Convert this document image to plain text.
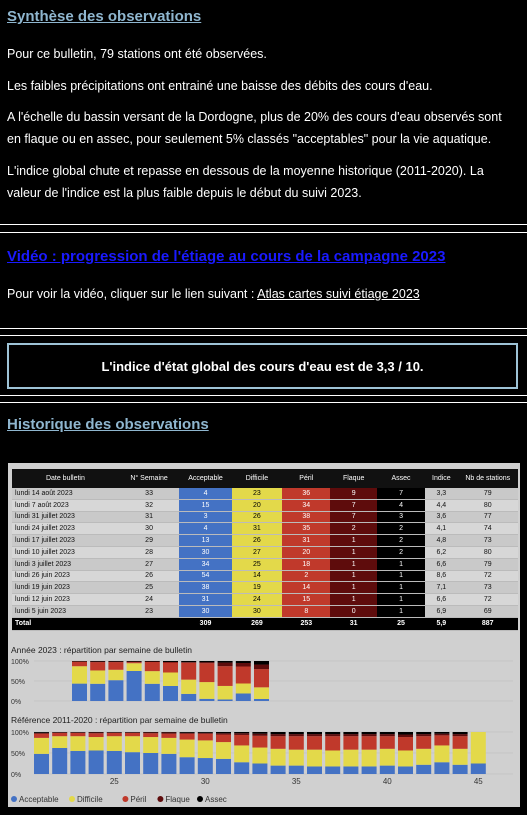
Synthèse des observations
Pour ce bulletin, 79 stations ont été observées.
Les faibles précipitations ont entrainé une baisse des débits des cours d'eau.
A l'échelle du bassin versant de la Dordogne, plus de 20% des cours d'eau observés sont en flaque ou en assec, pour seulement 5% classés "acceptables" pour la vie aquatique.
L'indice global chute et repasse en dessous de la moyenne historique (2011-2020). La valeur de l'indice est la plus faible depuis le début du suivi 2023.
Vidéo : progression de l'étiage au cours de la campagne 2023
Pour voir la vidéo, cliquer sur le lien suivant : Atlas cartes suivi étiage 2023
L'indice d'état global des cours d'eau est de 3,3 / 10.
Historique des observations
Date bulletin	N° Semaine	Acceptable	Difficile	Péril	Flaque	Assec	Indice	Nb de stations
lundi 14 août 2023	33	4	23	36	9	7	3,3	79
lundi 7 août 2023	32	15	20	34	7	4	4,4	80
lundi 31 juillet 2023	31	3	26	38	7	3	3,6	77
lundi 24 juillet 2023	30	4	31	35	2	2	4,1	74
lundi 17 juillet 2023	29	13	26	31	1	2	4,8	73
lundi 10 juillet 2023	28	30	27	20	1	2	6,2	80
lundi 3 juillet 2023	27	34	25	18	1	1	6,6	79
lundi 26 juin 2023	26	54	14	2	1	1	8,6	72
lundi 19 juin 2023	25	38	19	14	1	1	7,1	73
lundi 12 juin 2023	24	31	24	15	1	1	6,6	72
lundi 5 juin 2023	23	30	30	8	0	1	6,9	69
Total		309	269	253	31	25	5,9	887
Année 2023 : répartition par semaine de bulletin
100%
50%
0%
Référence 2011-2020 : répartition par semaine de bulletin
100%
50%
0%
25	30	35	40	45
Acceptable Difficile	Péril Flaque Assec
